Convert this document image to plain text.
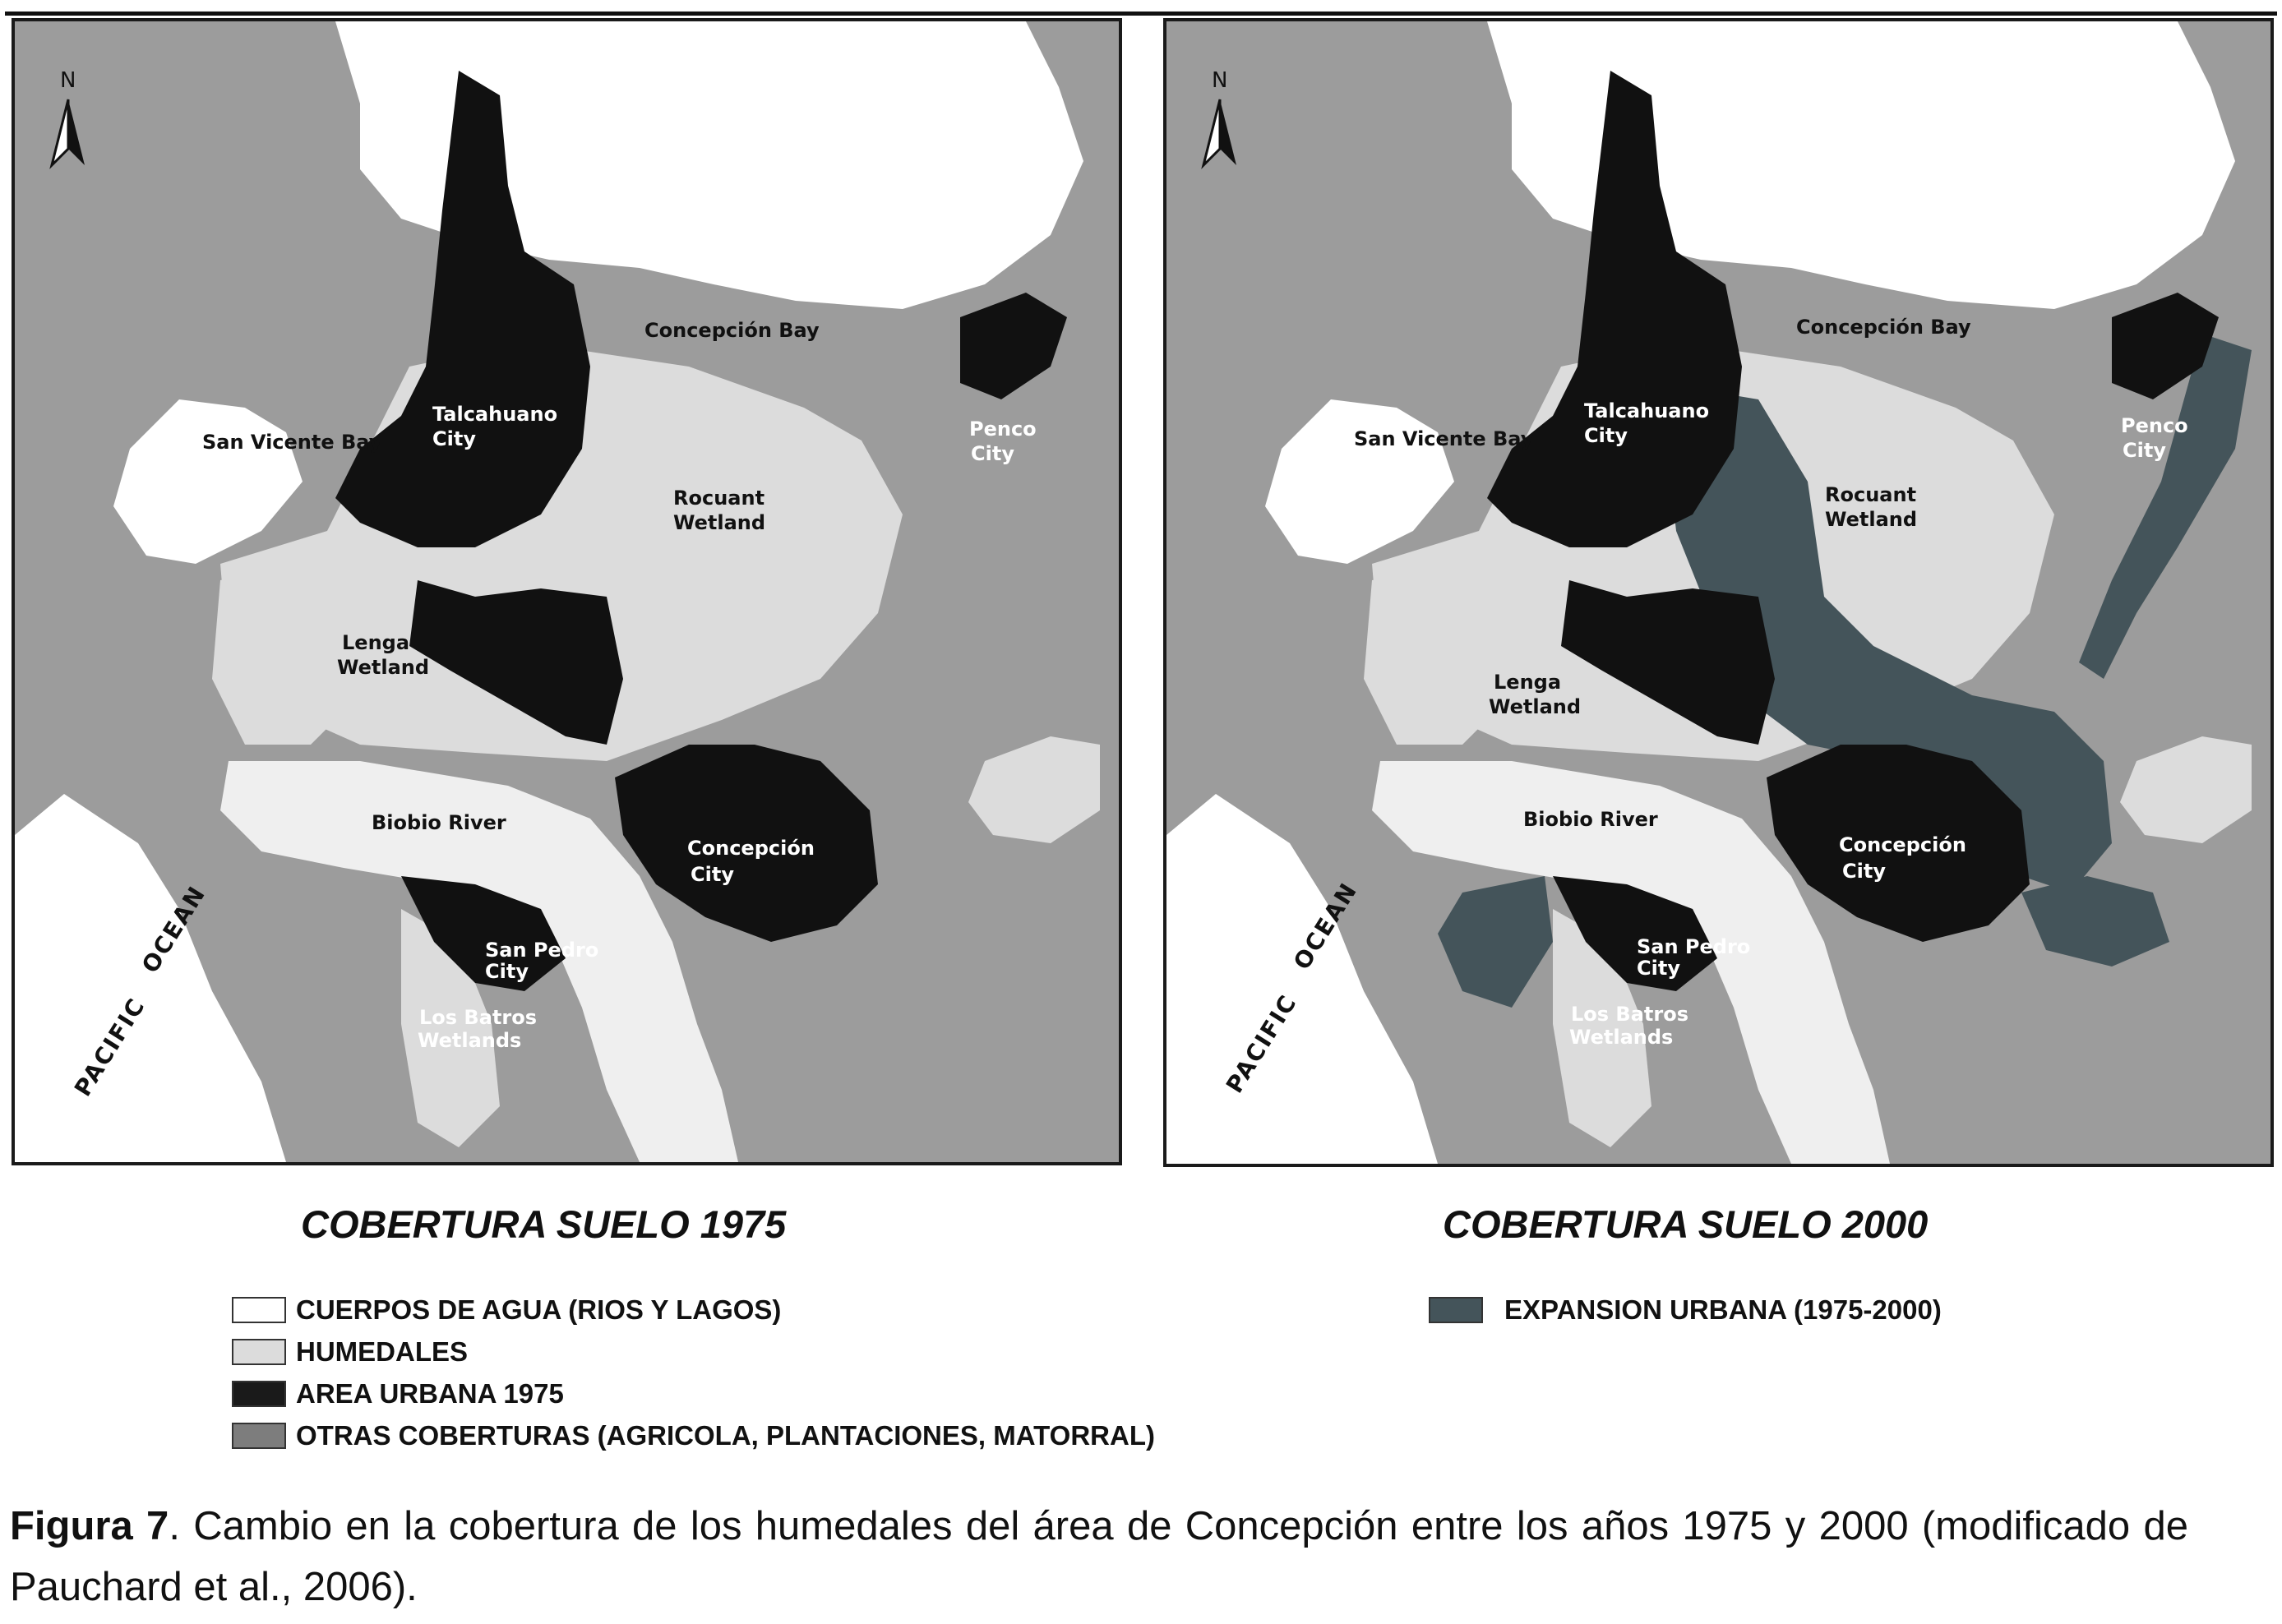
N
Concepción Bay
San Vicente Bay
Talcahuano
City	Penco
City
Rocuant
Wetland
Lenga
Wetland
Biobio River
Concepción
City
San Pedro
City
Los Batros
Wetlands
PACIFIC
OCEAN
N
Concepción Bay
San Vicente Bay
Talcahuano
City	Penco
City
Rocuant
Wetland
Lenga
Wetland
Biobio River
Concepción
City
San Pedro
City
Los Batros
Wetlands
PACIFIC
OCEAN
COBERTURA SUELO 1975	COBERTURA SUELO 2000
CUERPOS DE AGUA (RIOS Y LAGOS)
HUMEDALES
AREA URBANA 1975
OTRAS COBERTURAS (AGRICOLA, PLANTACIONES, MATORRAL)
EXPANSION URBANA (1975-2000)
Figura 7. Cambio en la cobertura de los humedales del área de Concepción entre los años 1975 y 2000 (modificado de Pauchard et al., 2006).
